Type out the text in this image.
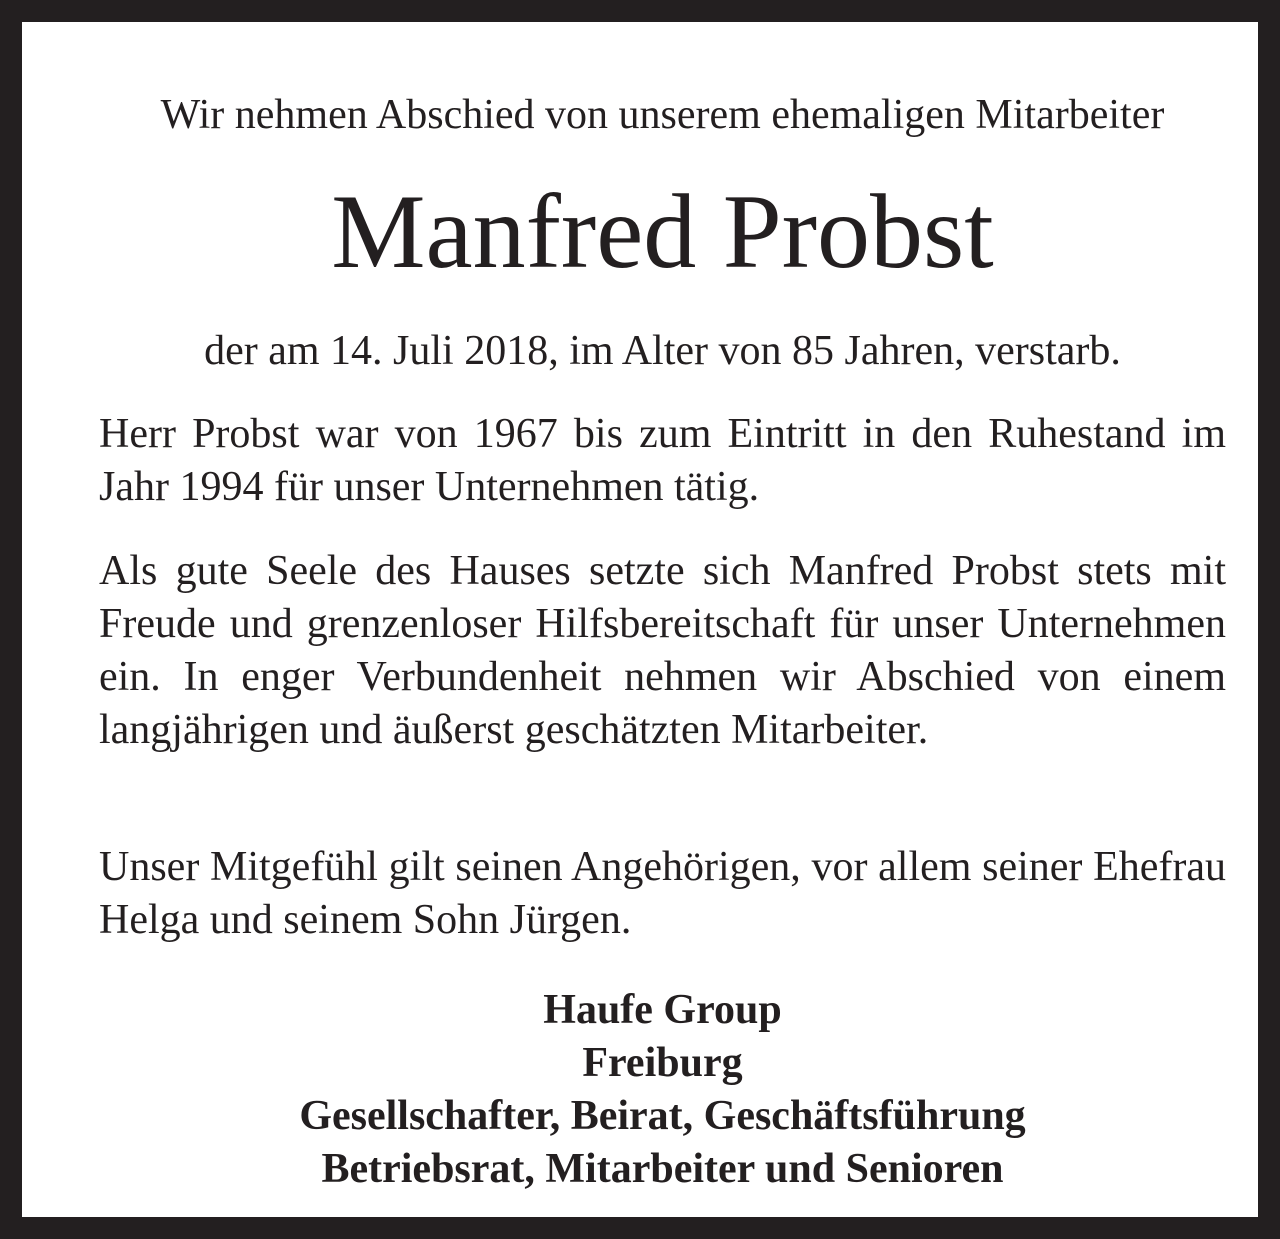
Wir nehmen Abschied von unserem ehemaligen Mitarbeiter
Manfred Probst
der am 14. Juli 2018, im Alter von 85 Jahren, verstarb.

Herr Probst war von 1967 bis zum Eintritt in den Ruhestand im Jahr 1994 für unser Unternehmen tätig.

Als gute Seele des Hauses setzte sich Manfred Probst stets mit Freude und grenzenloser Hilfsbereitschaft für unser Unternehmen ein. In enger Verbundenheit nehmen wir Abschied von einem langjährigen und äußerst geschätzten Mitarbeiter.

Unser Mitgefühl gilt seinen Angehörigen, vor allem seiner Ehefrau Helga und seinem Sohn Jürgen.

Haufe Group
Freiburg
Gesellschafter, Beirat, Geschäftsführung
Betriebsrat, Mitarbeiter und Senioren
